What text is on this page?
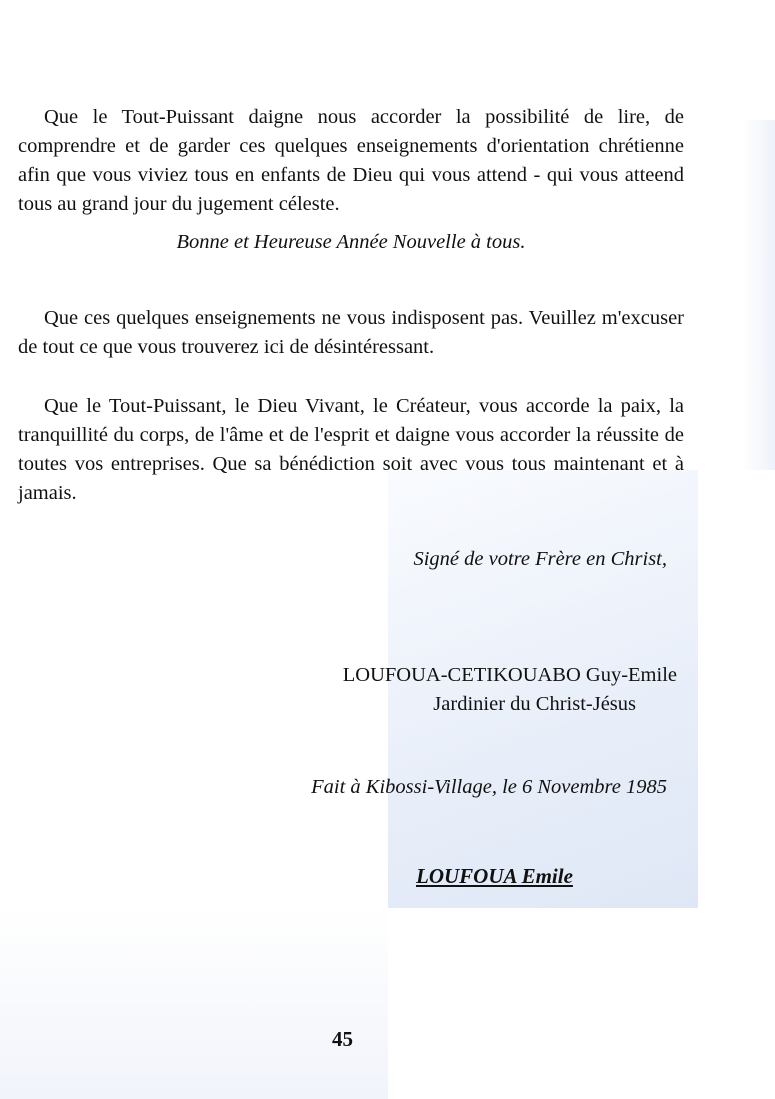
Que le Tout-Puissant daigne nous accorder la possibilité de lire, de comprendre et de garder ces quelques enseignements d'orientation chrétienne afin que vous viviez tous en enfants de Dieu qui vous attend - qui vous atteend tous au grand jour du jugement céleste.

Bonne et Heureuse Année Nouvelle à tous.

Que ces quelques enseignements ne vous indisposent pas. Veuillez m'excuser de tout ce que vous trouverez ici de désintéressant.

Que le Tout-Puissant, le Dieu Vivant, le Créateur, vous accorde la paix, la tranquillité du corps, de l'âme et de l'esprit et daigne vous accorder la réussite de toutes vos entreprises. Que sa bénédiction soit avec vous tous maintenant et à jamais.

Signé de votre Frère en Christ,
LOUFOUA-CETIKOUABO Guy-Emile
Jardinier du Christ-Jésus
Fait à Kibossi-Village, le 6 Novembre 1985
LOUFOUA Emile
45
